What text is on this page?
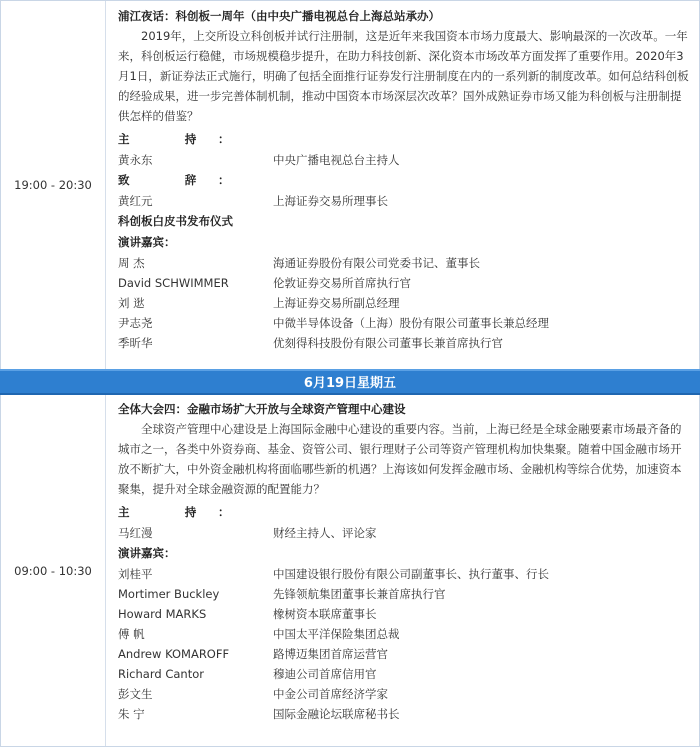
19:00 - 20:30
浦江夜话：科创板一周年（由中央广播电视总台上海总站承办）
2019年，上交所设立科创板并试行注册制，这是近年来我国资本市场力度最大、影响最深的一次改革。一年来，科创板运行稳健，市场规模稳步提升，在助力科技创新、深化资本市场改革方面发挥了重要作用。2020年3月1日，新证券法正式施行，明确了包括全面推行证券发行注册制度在内的一系列新的制度改革。如何总结科创板的经验成果，进一步完善体制机制，推动中国资本市场深层次改革？国外成熟证券市场又能为科创板与注册制提供怎样的借鉴？
主　持：
黄永东	中央广播电视总台主持人
致　辞：
黄红元	上海证券交易所理事长
科创板白皮书发布仪式
演讲嘉宾：
周 杰	海通证券股份有限公司党委书记、董事长
David SCHWIMMER	伦敦证券交易所首席执行官
刘 逖	上海证券交易所副总经理
尹志尧	中微半导体设备（上海）股份有限公司董事长兼总经理
季昕华	优刻得科技股份有限公司董事长兼首席执行官
6月19日星期五
09:00 - 10:30
全体大会四：金融市场扩大开放与全球资产管理中心建设
全球资产管理中心建设是上海国际金融中心建设的重要内容。当前，上海已经是全球金融要素市场最齐备的城市之一，各类中外资券商、基金、资管公司、银行理财子公司等资产管理机构加快集聚。随着中国金融市场开放不断扩大，中外资金融机构将面临哪些新的机遇？上海该如何发挥金融市场、金融机构等综合优势，加速资本聚集，提升对全球金融资源的配置能力？
主　持：
马红漫	财经主持人、评论家
演讲嘉宾：
刘桂平	中国建设银行股份有限公司副董事长、执行董事、行长
Mortimer Buckley	先锋领航集团董事长兼首席执行官
Howard MARKS	橡树资本联席董事长
傅 帆	中国太平洋保险集团总裁
Andrew KOMAROFF	路博迈集团首席运营官
Richard Cantor	穆迪公司首席信用官
彭文生	中金公司首席经济学家
朱 宁	国际金融论坛联席秘书长
